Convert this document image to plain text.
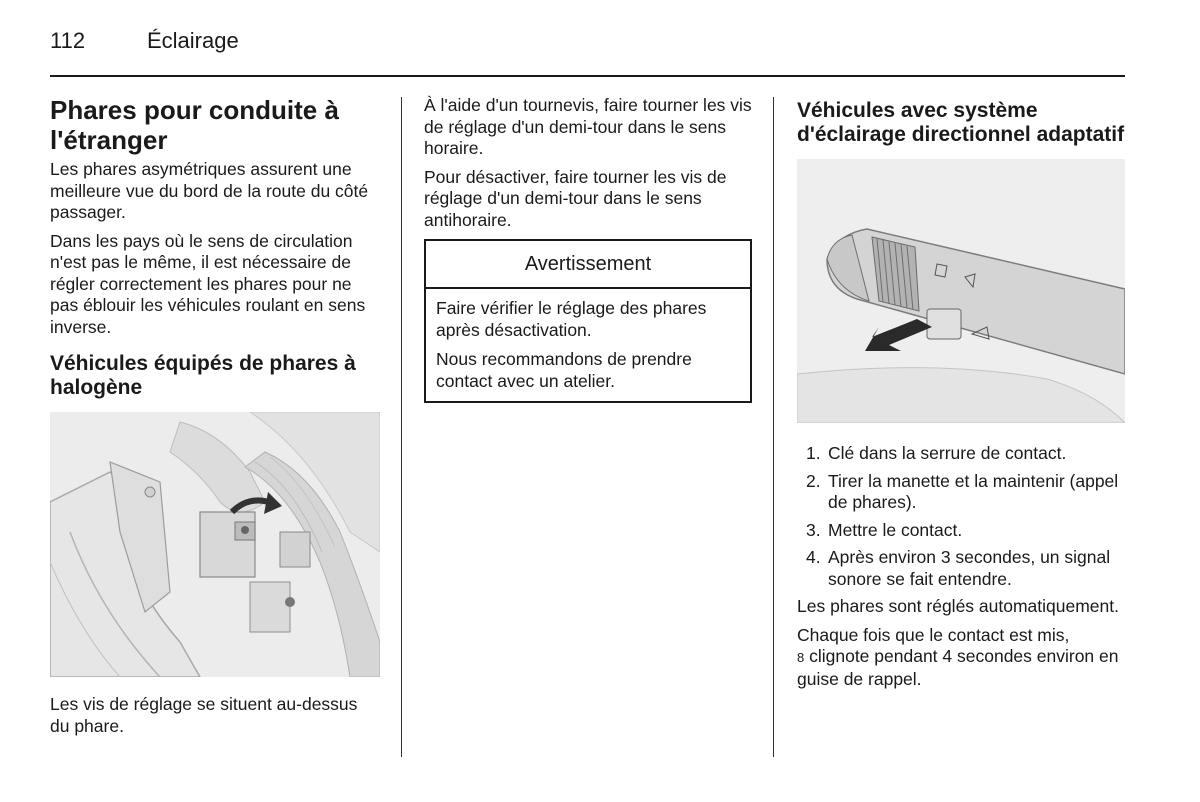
112	Éclairage
Phares pour conduite à l'étranger

Les phares asymétriques assurent une meilleure vue du bord de la route du côté passager.

Dans les pays où le sens de circulation n'est pas le même, il est nécessaire de régler correctement les phares pour ne pas éblouir les véhicules roulant en sens inverse.

Véhicules équipés de phares à halogène

Les vis de réglage se situent au-dessus du phare.

À l'aide d'un tournevis, faire tourner les vis de réglage d'un demi-tour dans le sens horaire.

Pour désactiver, faire tourner les vis de réglage d'un demi-tour dans le sens antihoraire.

Avertissement

Faire vérifier le réglage des phares après désactivation.

Nous recommandons de prendre contact avec un atelier.

Véhicules avec système d'éclairage directionnel adaptatif
1. Clé dans la serrure de contact.
2. Tirer la manette et la maintenir (appel de phares).
3. Mettre le contact.
4. Après environ 3 secondes, un signal sonore se fait entendre.

Les phares sont réglés automatiquement.

Chaque fois que le contact est mis,
8 clignote pendant 4 secondes environ en guise de rappel.
